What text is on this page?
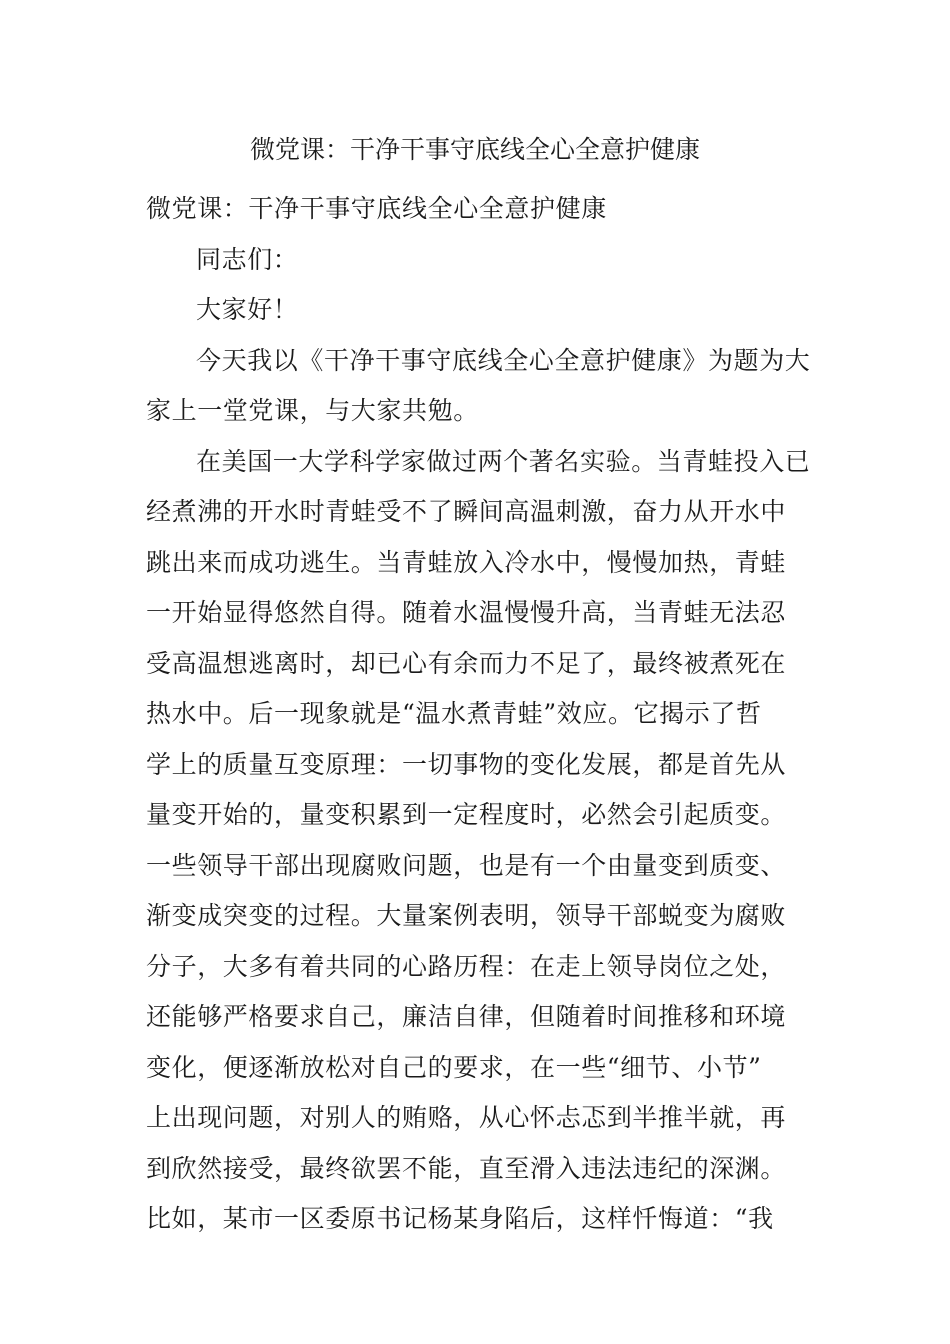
微党课：干净干事守底线全心全意护健康

微党课：干净干事守底线全心全意护健康

同志们：

大家好！

今天我以《干净干事守底线全心全意护健康》为题为大
家上一堂党课，与大家共勉。

在美国一大学科学家做过两个著名实验。当青蛙投入已
经煮沸的开水时青蛙受不了瞬间高温刺激，奋力从开水中
跳出来而成功逃生。当青蛙放入冷水中，慢慢加热，青蛙
一开始显得悠然自得。随着水温慢慢升高，当青蛙无法忍
受高温想逃离时，却已心有余而力不足了，最终被煮死在
热水中。后一现象就是“温水煮青蛙”效应。它揭示了哲
学上的质量互变原理：一切事物的变化发展，都是首先从
量变开始的，量变积累到一定程度时，必然会引起质变。
一些领导干部出现腐败问题，也是有一个由量变到质变、
渐变成突变的过程。大量案例表明，领导干部蜕变为腐败
分子，大多有着共同的心路历程：在走上领导岗位之处，
还能够严格要求自己，廉洁自律，但随着时间推移和环境
变化，便逐渐放松对自己的要求，在一些“细节、小节”
上出现问题，对别人的贿赂，从心怀忐忑到半推半就，再
到欣然接受，最终欲罢不能，直至滑入违法违纪的深渊。
比如，某市一区委原书记杨某身陷后，这样忏悔道：“我
